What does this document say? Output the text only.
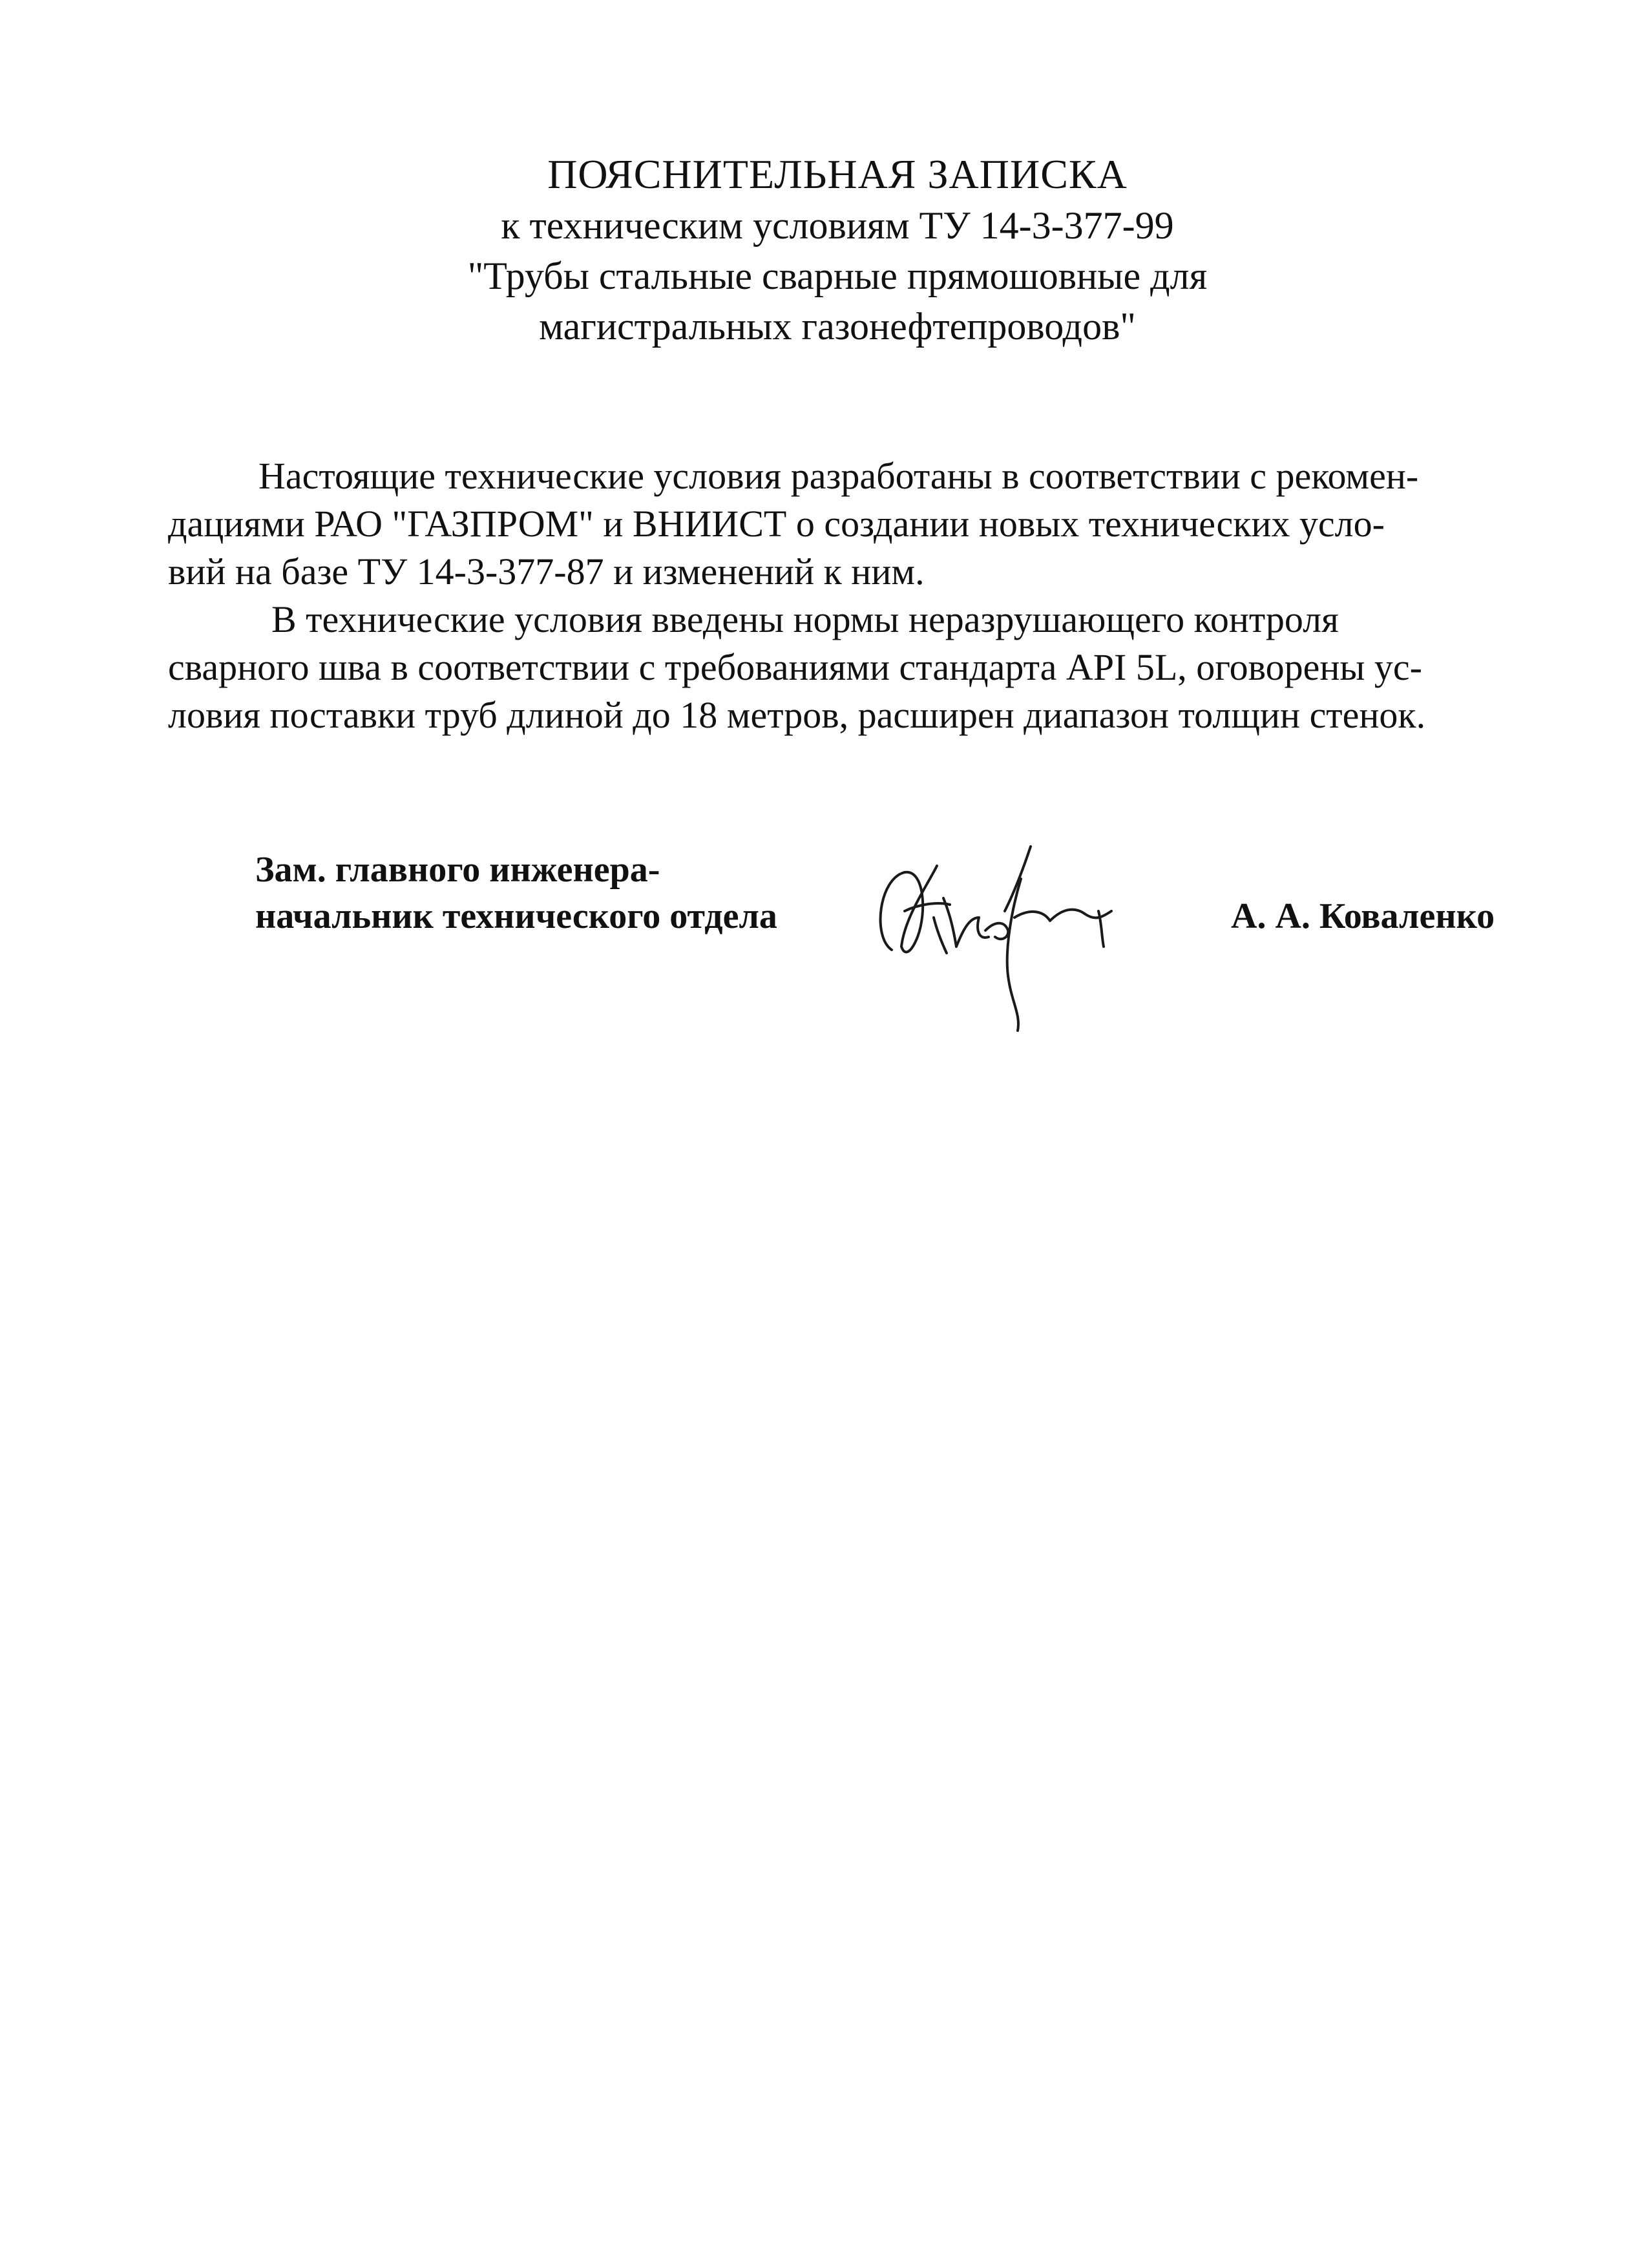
ПОЯСНИТЕЛЬНАЯ ЗАПИСКА
к техническим условиям ТУ 14-3-377-99
"Трубы стальные сварные прямошовные для
магистральных газонефтепроводов"

Настоящие технические условия разработаны в соответствии с рекомен-
дациями РАО "ГАЗПРОМ" и ВНИИСТ о создании новых технических усло-
вий на базе ТУ 14-3-377-87 и изменений к ним.

В технические условия введены нормы неразрушающего контроля
сварного шва в соответствии с требованиями стандарта API 5L, оговорены ус-
ловия поставки труб длиной до 18 метров, расширен диапазон толщин стенок.

Зам. главного инженера-
начальник технического отдела	А. А. Коваленко
